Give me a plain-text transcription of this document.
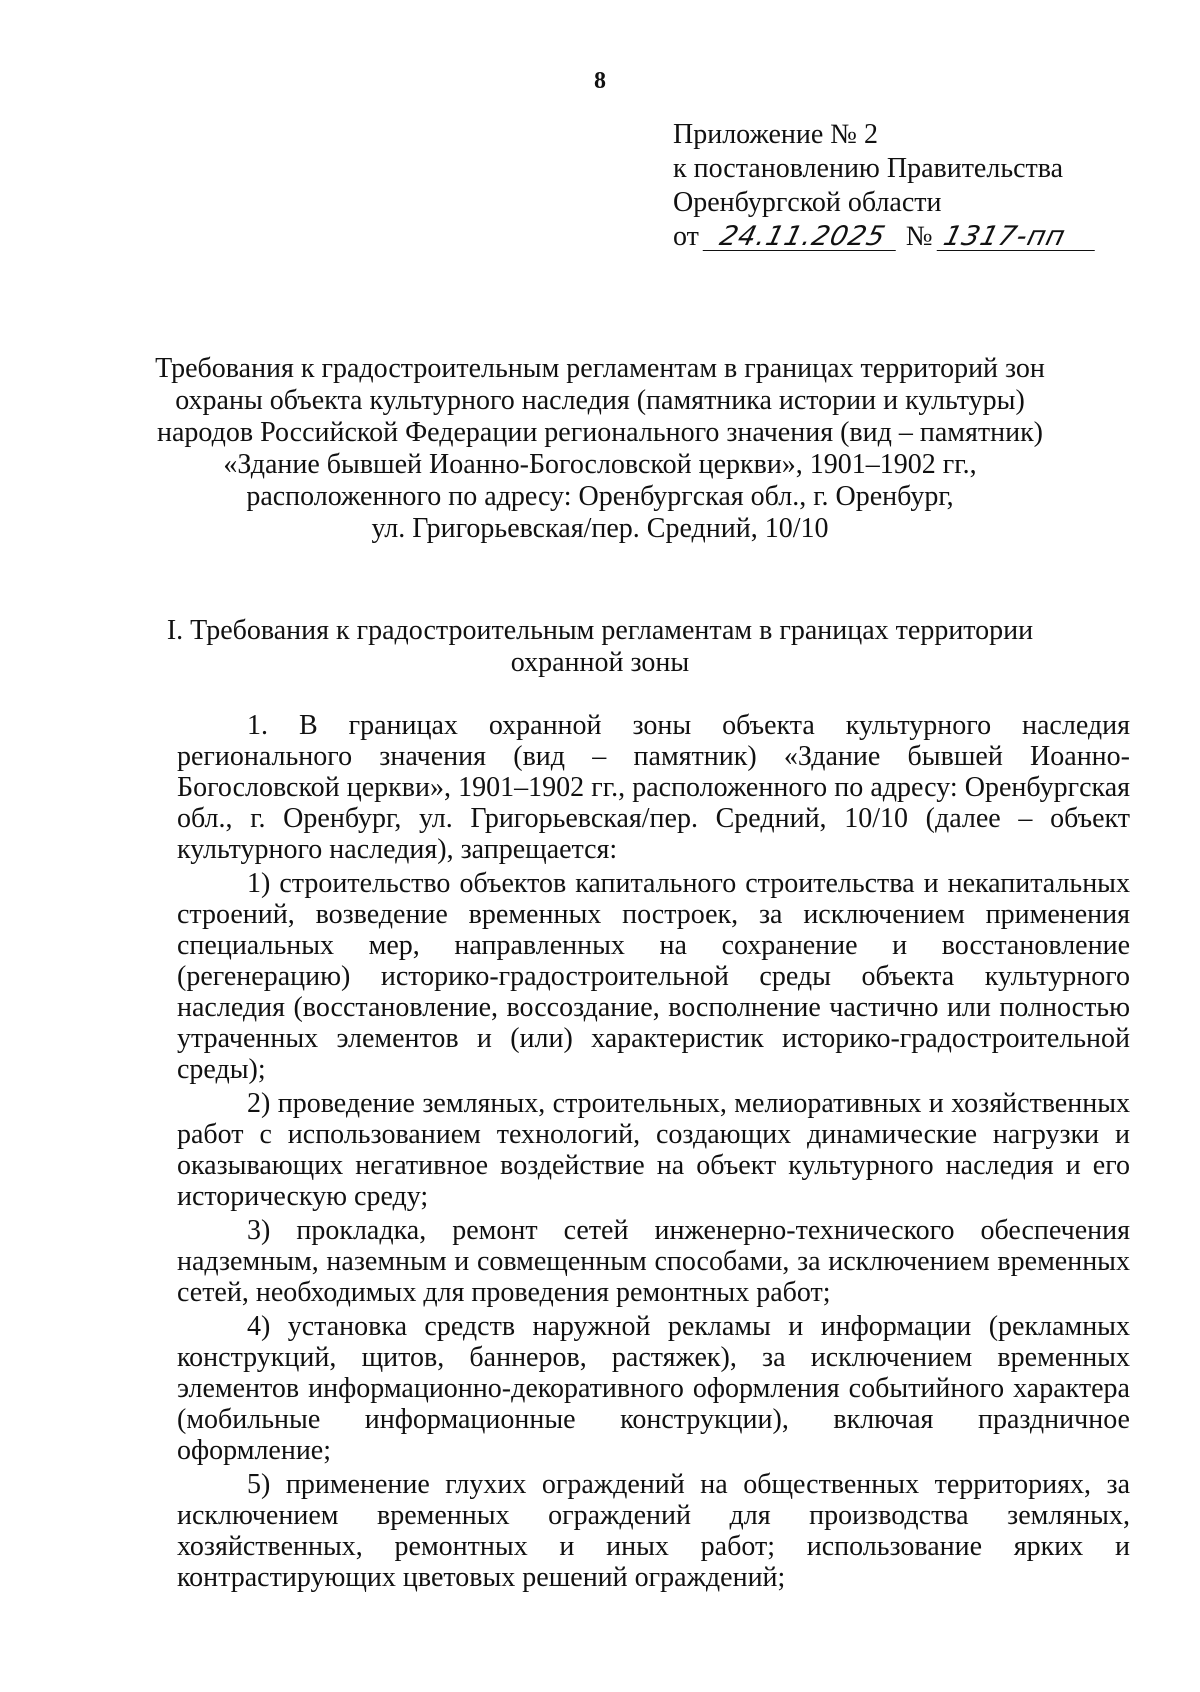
8
Приложение № 2
к постановлению Правительства
Оренбургской области
от 24.11.2025 № 1317-пп
Требования к градостроительным регламентам в границах территорий зон
охраны объекта культурного наследия (памятника истории и культуры)
народов Российской Федерации регионального значения (вид – памятник)
«Здание бывшей Иоанно-Богословской церкви», 1901–1902 гг.,
расположенного по адресу: Оренбургская обл., г. Оренбург,
ул. Григорьевская/пер. Средний, 10/10
I. Требования к градостроительным регламентам в границах территории
охранной зоны

1. В границах охранной зоны объекта культурного наследия регионального значения (вид – памятник) «Здание бывшей Иоанно-Богословской церкви», 1901–1902 гг., расположенного по адресу: Оренбургская обл., г. Оренбург, ул. Григорьевская/пер. Средний, 10/10 (далее – объект культурного наследия), запрещается:

1) строительство объектов капитального строительства и некапитальных строений, возведение временных построек, за исключением применения специальных мер, направленных на сохранение и восстановление (регенерацию) историко-градостроительной среды объекта культурного наследия (восстановление, воссоздание, восполнение частично или полностью утраченных элементов и (или) характеристик историко-градостроительной среды);

2) проведение земляных, строительных, мелиоративных и хозяйственных работ с использованием технологий, создающих динамические нагрузки и оказывающих негативное воздействие на объект культурного наследия и его историческую среду;

3) прокладка, ремонт сетей инженерно-технического обеспечения надземным, наземным и совмещенным способами, за исключением временных сетей, необходимых для проведения ремонтных работ;

4) установка средств наружной рекламы и информации (рекламных конструкций, щитов, баннеров, растяжек), за исключением временных элементов информационно-декоративного оформления событийного характера (мобильные информационные конструкции), включая праздничное оформление;

5) применение глухих ограждений на общественных территориях, за исключением временных ограждений для производства земляных, хозяйственных, ремонтных и иных работ; использование ярких и контрастирующих цветовых решений ограждений;
